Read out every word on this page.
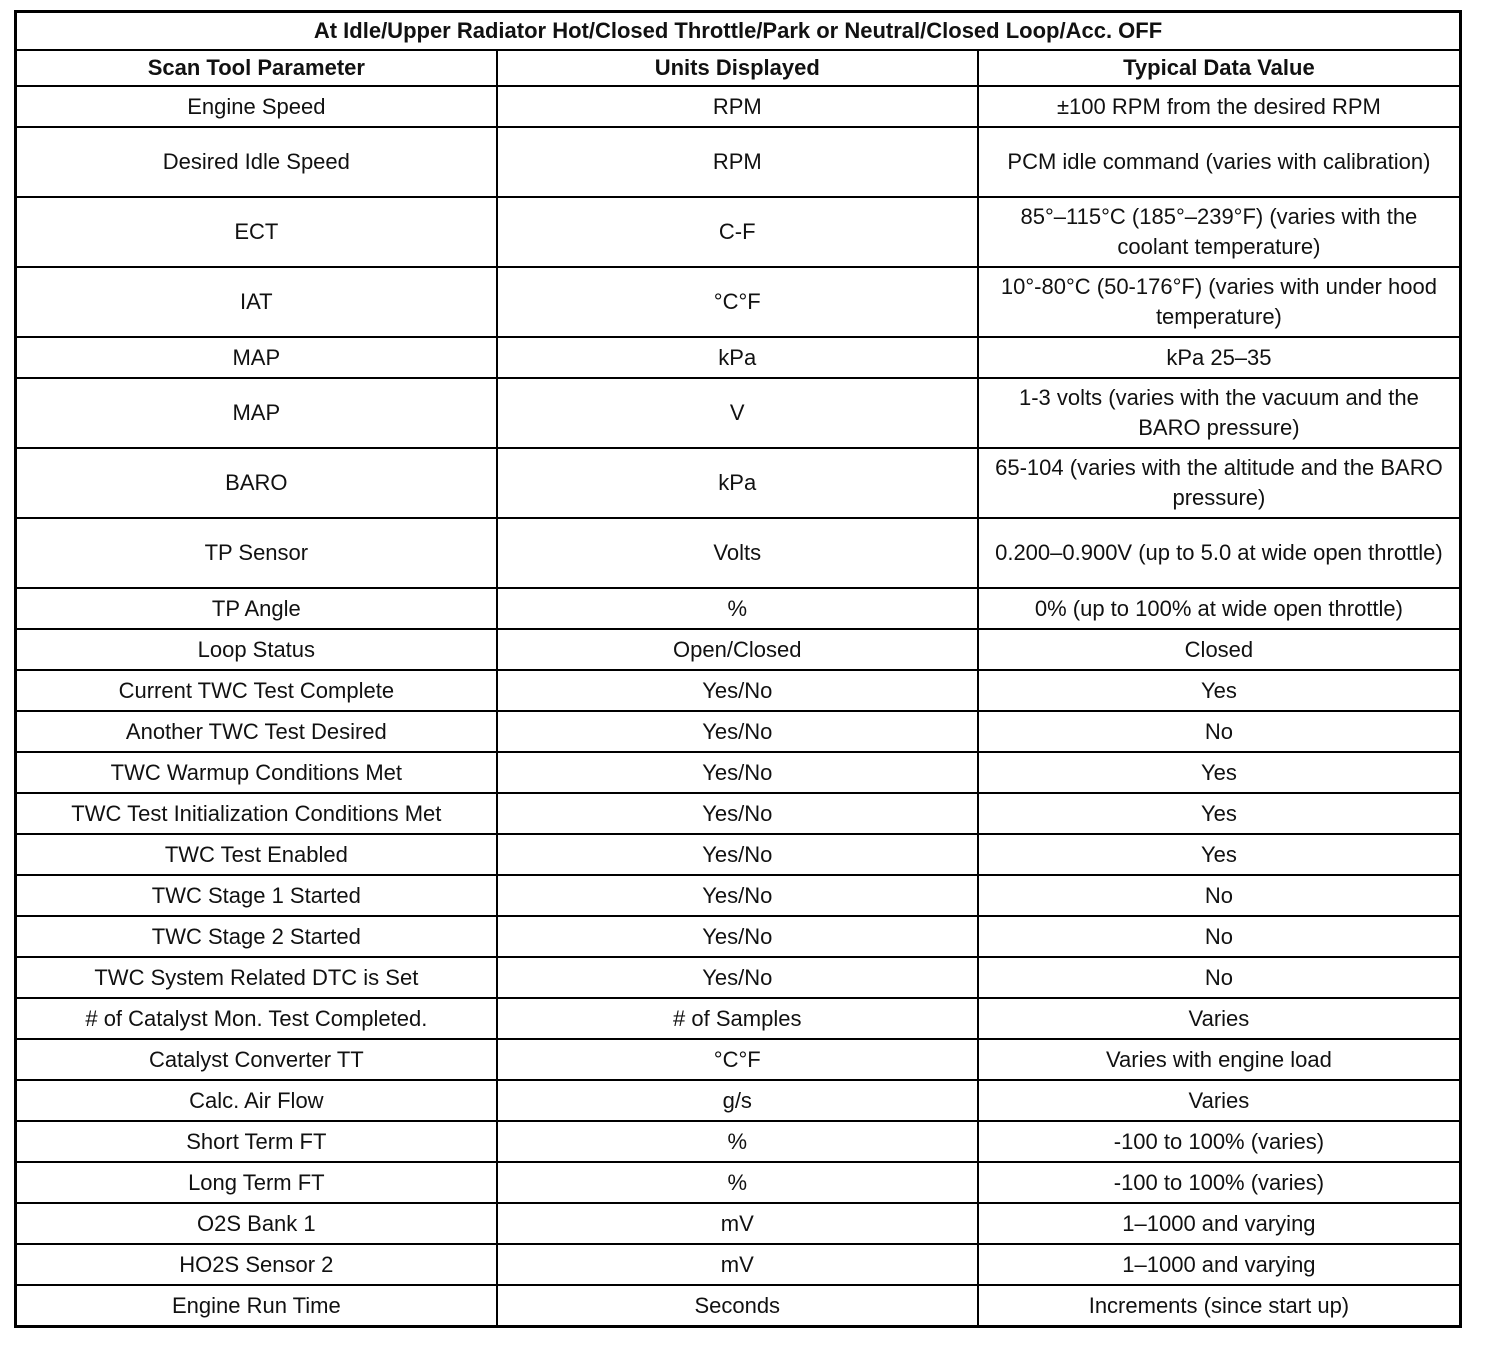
At Idle/Upper Radiator Hot/Closed Throttle/Park or Neutral/Closed Loop/Acc. OFF		
Scan Tool Parameter	Units Displayed	Typical Data Value
Engine Speed	RPM	±100 RPM from the desired RPM
Desired Idle Speed	RPM	PCM idle command (varies with calibration)
ECT	C-F	85°–115°C (185°–239°F) (varies with the coolant temperature)
IAT	°C°F	10°-80°C (50-176°F) (varies with under hood temperature)
MAP	kPa	kPa 25–35
MAP	V	1-3 volts (varies with the vacuum and the BARO pressure)
BARO	kPa	65-104 (varies with the altitude and the BARO pressure)
TP Sensor	Volts	0.200–0.900V (up to 5.0 at wide open throttle)
TP Angle	%	0% (up to 100% at wide open throttle)
Loop Status	Open/Closed	Closed
Current TWC Test Complete	Yes/No	Yes
Another TWC Test Desired	Yes/No	No
TWC Warmup Conditions Met	Yes/No	Yes
TWC Test Initialization Conditions Met	Yes/No	Yes
TWC Test Enabled	Yes/No	Yes
TWC Stage 1 Started	Yes/No	No
TWC Stage 2 Started	Yes/No	No
TWC System Related DTC is Set	Yes/No	No
# of Catalyst Mon. Test Completed.	# of Samples	Varies
Catalyst Converter TT	°C°F	Varies with engine load
Calc. Air Flow	g/s	Varies
Short Term FT	%	-100 to 100% (varies)
Long Term FT	%	-100 to 100% (varies)
O2S Bank 1	mV	1–1000 and varying
HO2S Sensor 2	mV	1–1000 and varying
Engine Run Time	Seconds	Increments (since start up)
